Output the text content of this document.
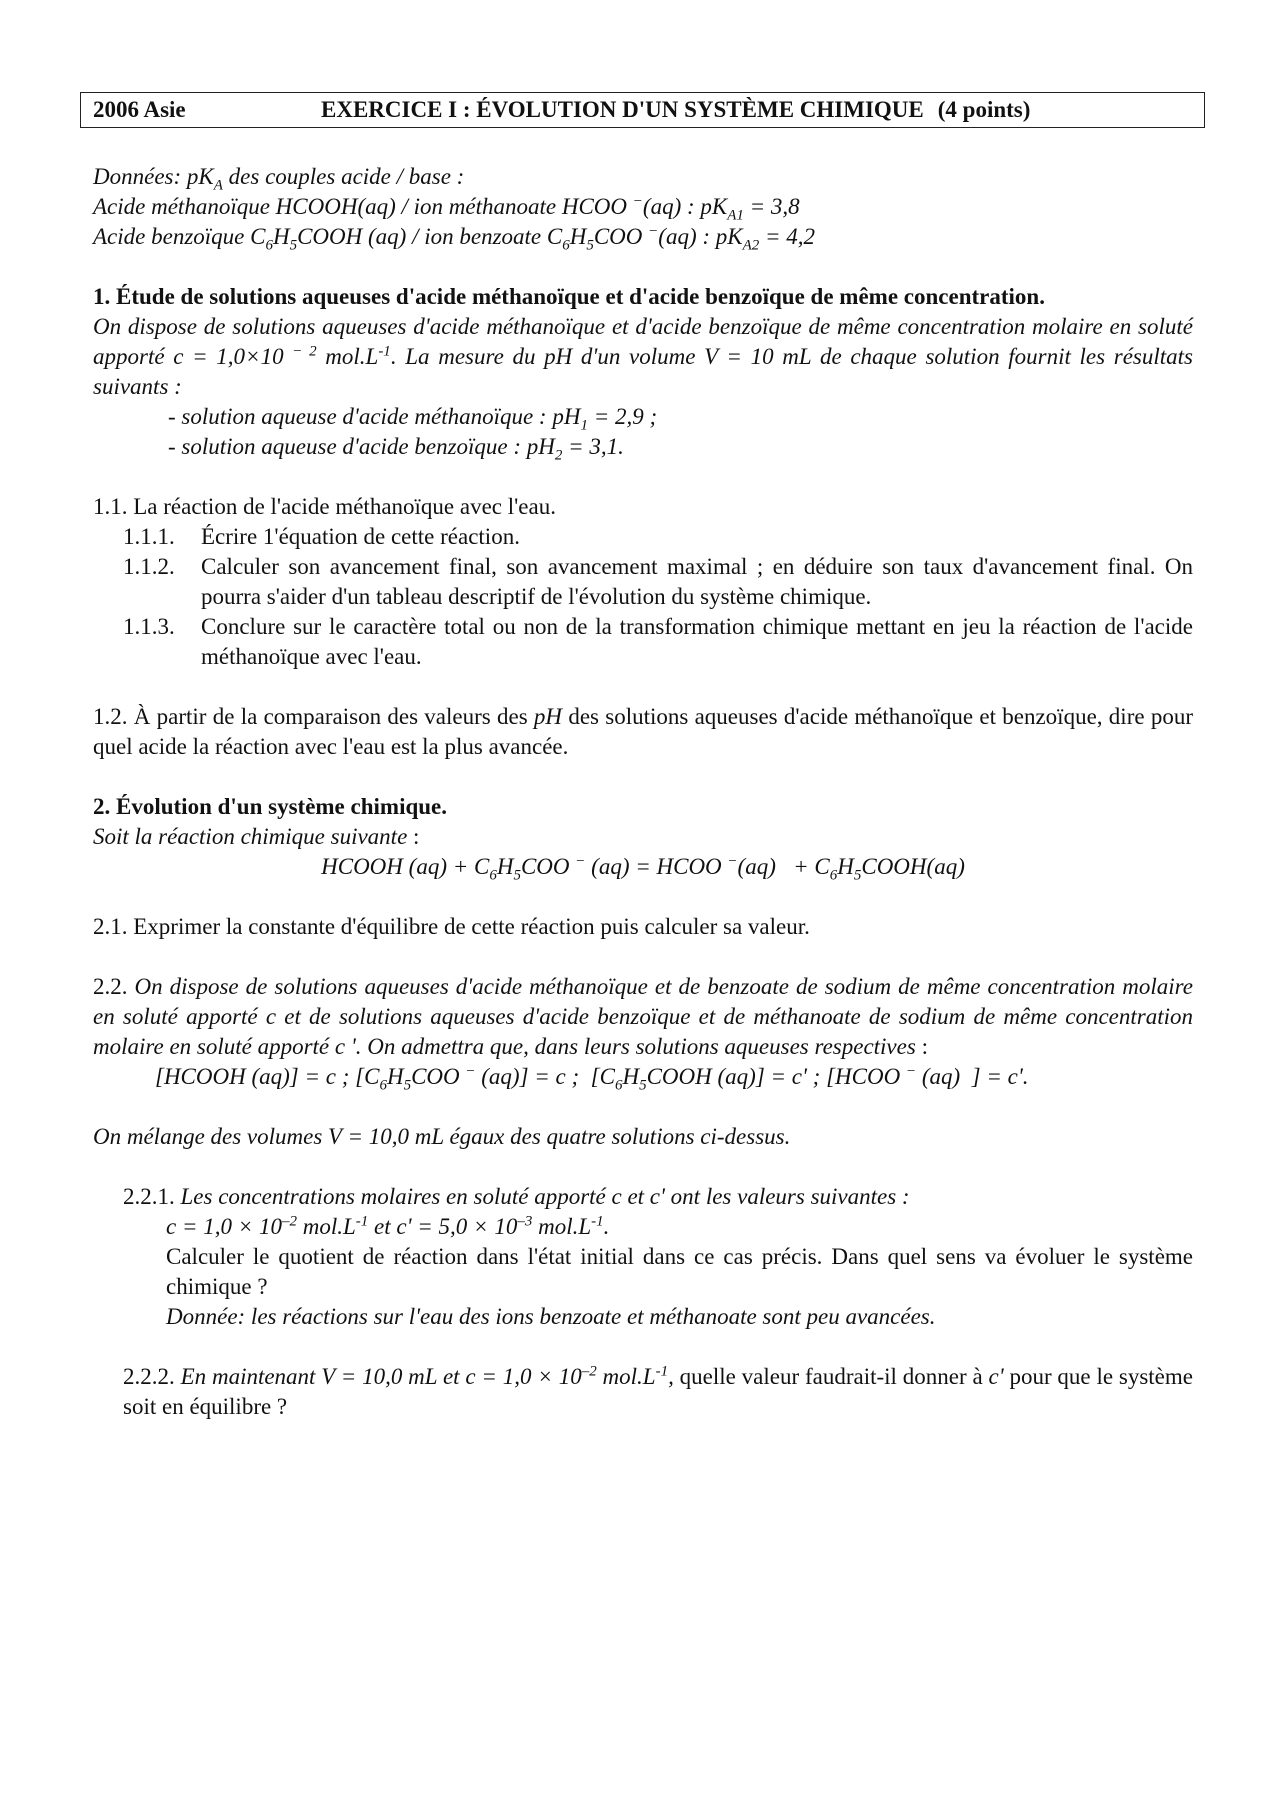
2006 Asie	EXERCICE I : ÉVOLUTION D'UN SYSTÈME CHIMIQUE (4 points)

Données: $pK_A$ des couples acide / base :

Acide méthanoïque HCOOH(aq) / ion méthanoate HCOO −(aq) : $pK_{A1} = 3,8$

Acide benzoïque $C_6H_5COOH$ (aq) / ion benzoate $C_6H_5COO$ −(aq) : $pK_{A2} = 4,2$

1. Étude de solutions aqueuses d'acide méthanoïque et d'acide benzoïque de même concentration.

On dispose de solutions aqueuses d'acide méthanoïque et d'acide benzoïque de même concentration molaire en soluté apporté c = 1,0×10 $^{- 2}$ $mol.L^{-1}$. La mesure du pH d'un volume V = 10 mL de chaque solution fournit les résultats suivants :

- solution aqueuse d'acide méthanoïque : $pH_1 = 2,9$ ;

- solution aqueuse d'acide benzoïque : $pH_2 = 3,1$.

1.1. La réaction de l'acide méthanoïque avec l'eau.

1.1.1.	Écrire 1'équation de cette réaction.
1.1.2.	Calculer son avancement final, son avancement maximal ; en déduire son taux d'avancement final. On pourra s'aider d'un tableau descriptif de l'évolution du système chimique.
1.1.3.	Conclure sur le caractère total ou non de la transformation chimique mettant en jeu la réaction de l'acide méthanoïque avec l'eau.

1.2. À partir de la comparaison des valeurs des pH des solutions aqueuses d'acide méthanoïque et benzoïque, dire pour quel acide la réaction avec l'eau est la plus avancée.

2. Évolution d'un système chimique.

Soit la réaction chimique suivante :

HCOOH $(aq) + C_6H_5COO$ − (aq) = HCOO $^-(aq) + C_6H_5COOH(aq)$

2.1. Exprimer la constante d'équilibre de cette réaction puis calculer sa valeur.

2.2. On dispose de solutions aqueuses d'acide méthanoïque et de benzoate de sodium de même concentration molaire en soluté apporté c et de solutions aqueuses d'acide benzoïque et de méthanoate de sodium de même concentration molaire en soluté apporté c '. On admettra que, dans leurs solutions aqueuses respectives :

[HCOOH (aq)] = c ; [$C_6H_5COO$ − (aq)] = c ;  [$C_6H_5COOH$ (aq)] = c' ; [HCOO − (aq)  ] = c'.

On mélange des volumes V = 10,0 mL égaux des quatre solutions ci-dessus.

2.2.1. Les concentrations molaires en soluté apporté c et c' ont les valeurs suivantes :

$c = 1,0 \times 10^{-2}$ $mol.L^{-1}$ et $c' = 5,0 \times 10^{-3}$ $mol.L^{-1}$.

Calculer le quotient de réaction dans l'état initial dans ce cas précis. Dans quel sens va évoluer le système chimique ?

Donnée: les réactions sur l'eau des ions benzoate et méthanoate sont peu avancées.

2.2.2. En maintenant V = 10,0 mL et $c = 1,0 \times 10^{-2}$ $mol.L^{-1}$, quelle valeur faudrait-il donner à c' pour que le système soit en équilibre ?
